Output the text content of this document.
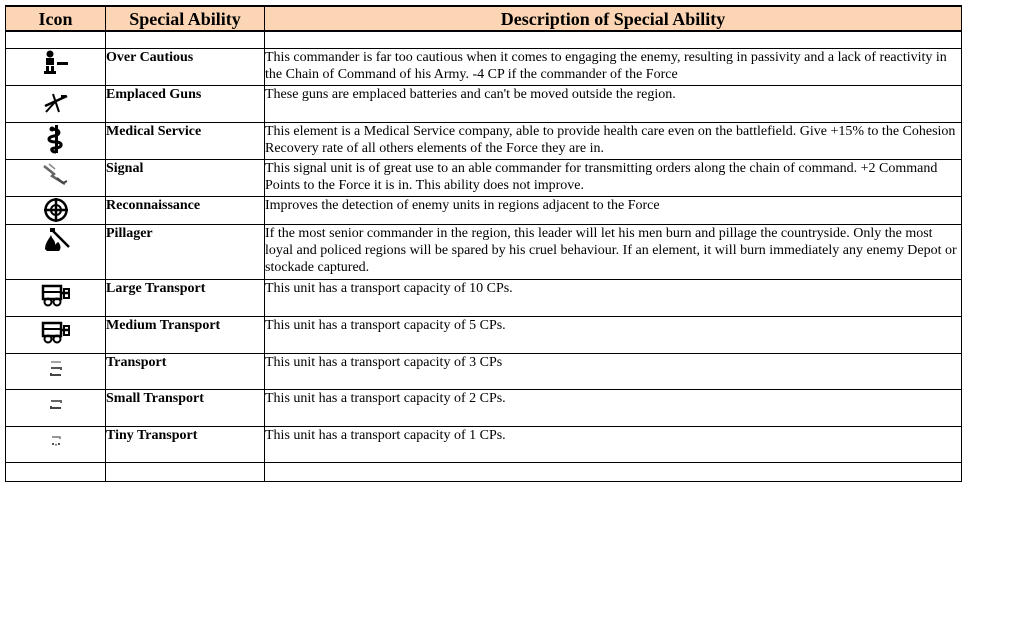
Icon	Special Ability	Description of Special Ability

	Over Cautious	This commander is far too cautious when it comes to engaging the enemy, resulting in passivity and a lack of reactivity in the Chain of Command of his Army. -4 CP if the commander of the Force

	Emplaced Guns	These guns are emplaced batteries and can't be moved outside the region.

	Medical Service	This element is a Medical Service company, able to provide health care even on the battlefield. Give +15% to the Cohesion Recovery rate of all others elements of the Force they are in.

	Signal	This signal unit is of great use to an able commander for transmitting orders along the chain of command. +2 Command Points to the Force it is in. This ability does not improve.

	Reconnaissance	Improves the detection of enemy units in regions adjacent to the Force

	Pillager	If the most senior commander in the region, this leader will let his men burn and pillage the countryside. Only the most loyal and policed regions will be spared by his cruel behaviour. If an element, it will burn immediately any enemy Depot or stockade captured.

	Large Transport	This unit has a transport capacity of 10 CPs.

	Medium Transport	This unit has a transport capacity of 5 CPs.

	Transport	This unit has a transport capacity of 3 CPs

	Small Transport	This unit has a transport capacity of 2 CPs.

	Tiny Transport	This unit has a transport capacity of 1 CPs.
